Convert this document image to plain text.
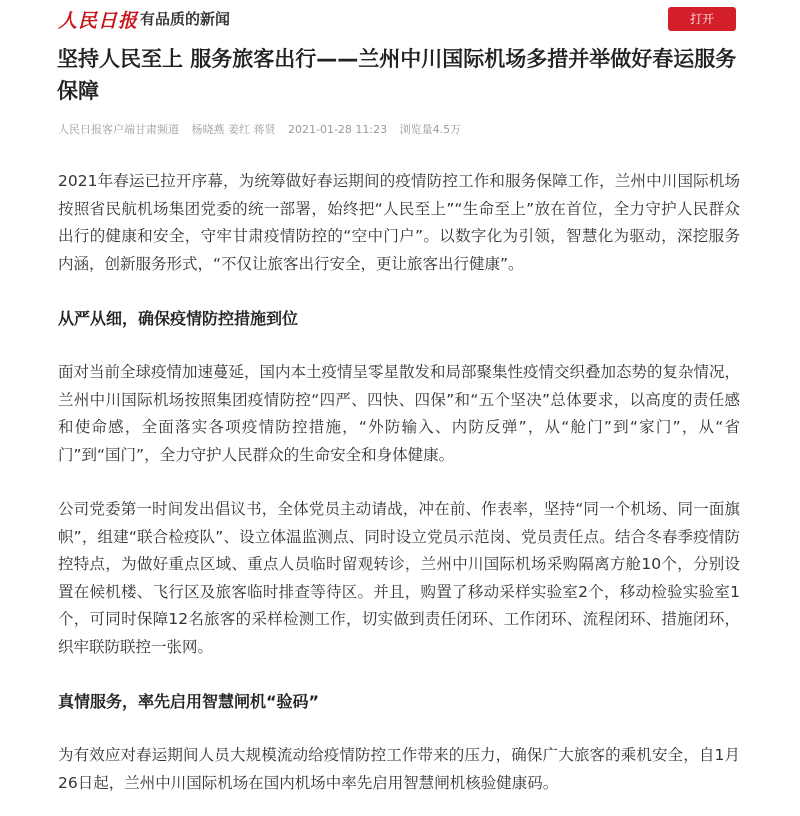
人民日报 有品质的新闻	打开
坚持人民至上 服务旅客出行——兰州中川国际机场多措并举做好春运服务保障
人民日报客户端甘肃频道 杨晓燕 姜红 蒋贤 2021-01-28 11:23 浏览量4.5万

2021年春运已拉开序幕，为统筹做好春运期间的疫情防控工作和服务保障工作，兰州中川国际机场按照省民航机场集团党委的统一部署，始终把“人民至上”“生命至上”放在首位，全力守护人民群众出行的健康和安全，守牢甘肃疫情防控的“空中门户”。以数字化为引领，智慧化为驱动，深挖服务内涵，创新服务形式，“不仅让旅客出行安全，更让旅客出行健康”。

从严从细，确保疫情防控措施到位

面对当前全球疫情加速蔓延，国内本土疫情呈零星散发和局部聚集性疫情交织叠加态势的复杂情况，兰州中川国际机场按照集团疫情防控“四严、四快、四保”和“五个坚决”总体要求，以高度的责任感和使命感，全面落实各项疫情防控措施，“外防输入、内防反弹”，从“舱门”到“家门”，从“省门”到“国门”，全力守护人民群众的生命安全和身体健康。

公司党委第一时间发出倡议书，全体党员主动请战，冲在前、作表率，坚持“同一个机场、同一面旗帜”，组建“联合检疫队”、设立体温监测点、同时设立党员示范岗、党员责任点。结合冬春季疫情防控特点，为做好重点区域、重点人员临时留观转诊，兰州中川国际机场采购隔离方舱10个，分别设置在候机楼、飞行区及旅客临时排查等待区。并且，购置了移动采样实验室2个，移动检验实验室1个，可同时保障12名旅客的采样检测工作，切实做到责任闭环、工作闭环、流程闭环、措施闭环，织牢联防联控一张网。

真情服务，率先启用智慧闸机“验码”

为有效应对春运期间人员大规模流动给疫情防控工作带来的压力，确保广大旅客的乘机安全，自1月26日起，兰州中川国际机场在国内机场中率先启用智慧闸机核验健康码。
